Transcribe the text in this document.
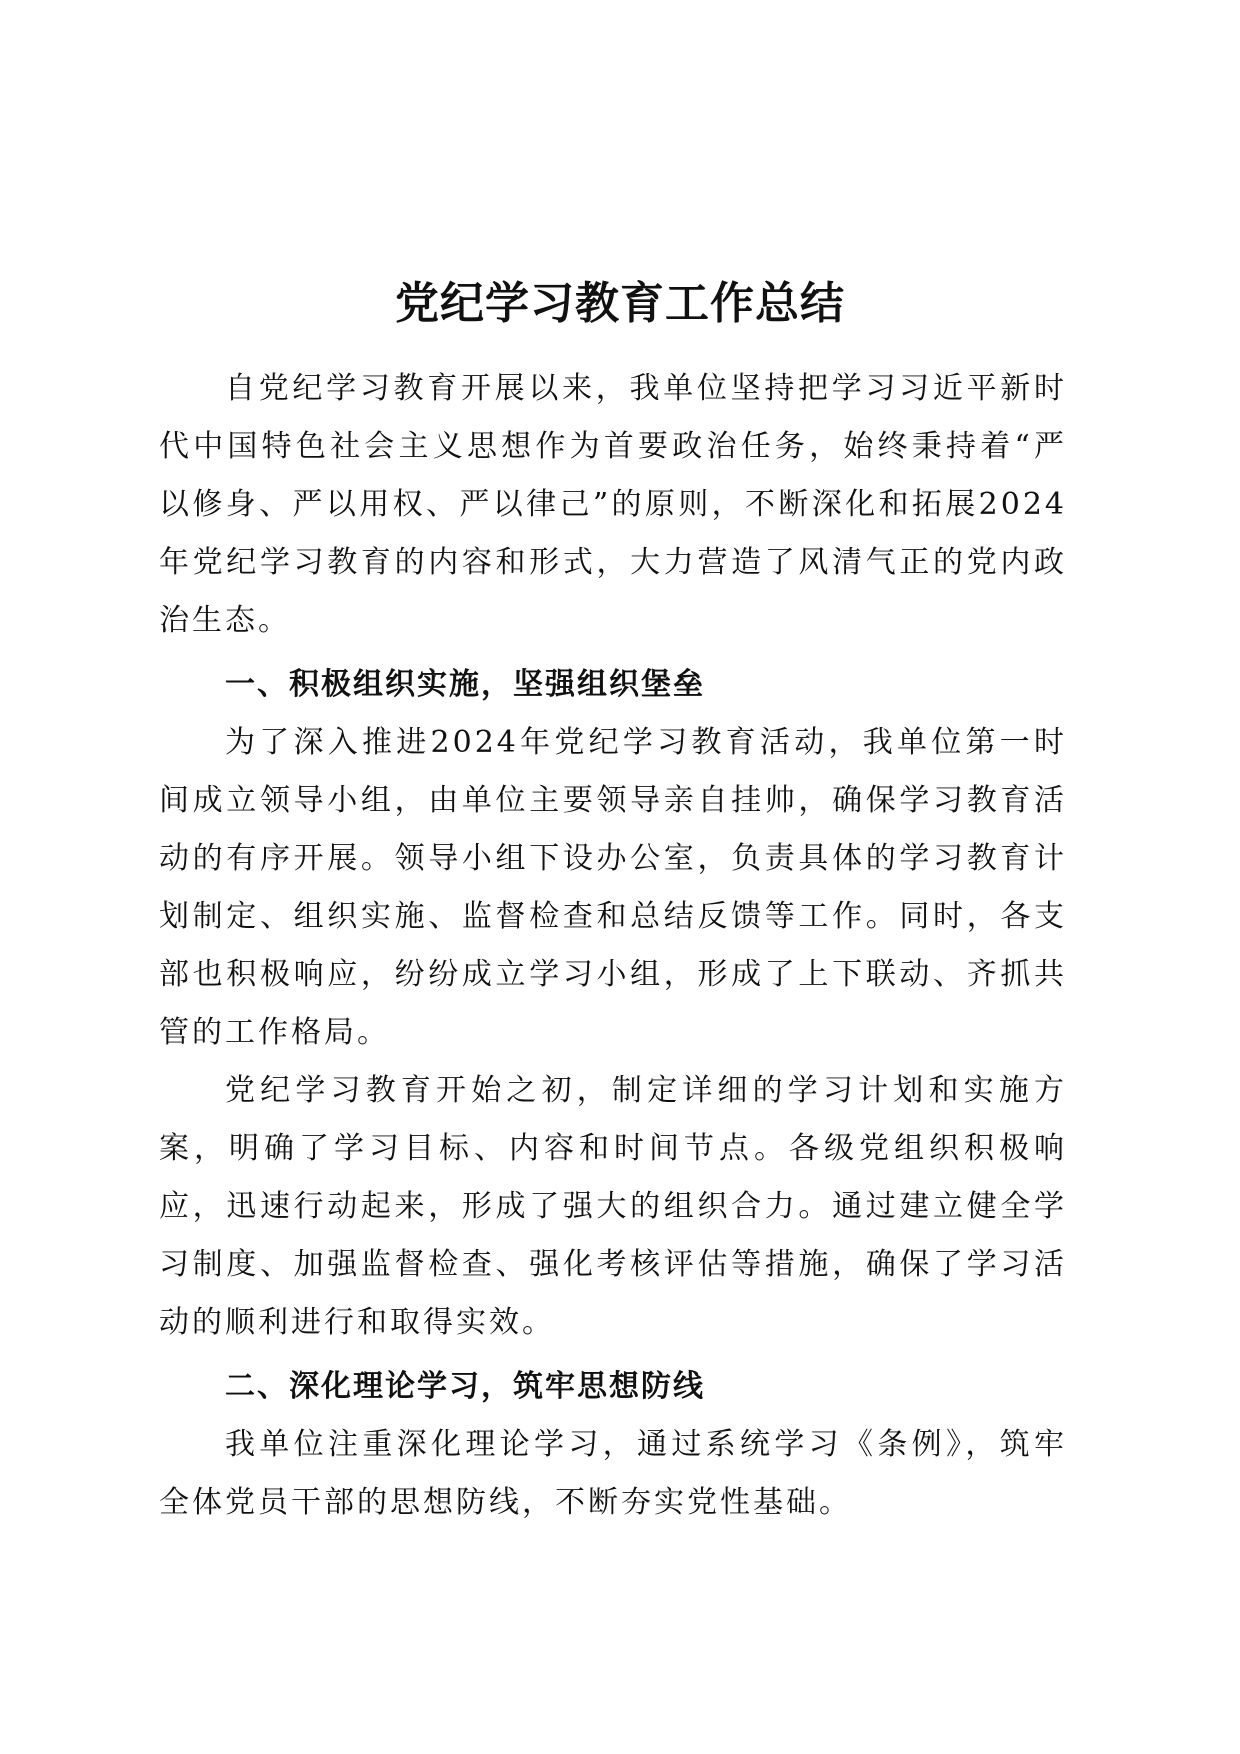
党纪学习教育工作总结

自党纪学习教育开展以来，我单位坚持把学习习近平新时代中国特色社会主义思想作为首要政治任务，始终秉持着“严以修身、严以用权、严以律己”的原则，不断深化和拓展2024年党纪学习教育的内容和形式，大力营造了风清气正的党内政治生态。

一、积极组织实施，坚强组织堡垒

为了深入推进2024年党纪学习教育活动，我单位第一时间成立领导小组，由单位主要领导亲自挂帅，确保学习教育活动的有序开展。领导小组下设办公室，负责具体的学习教育计划制定、组织实施、监督检查和总结反馈等工作。同时，各支部也积极响应，纷纷成立学习小组，形成了上下联动、齐抓共管的工作格局。

党纪学习教育开始之初，制定详细的学习计划和实施方案，明确了学习目标、内容和时间节点。各级党组织积极响应，迅速行动起来，形成了强大的组织合力。通过建立健全学习制度、加强监督检查、强化考核评估等措施，确保了学习活动的顺利进行和取得实效。

二、深化理论学习，筑牢思想防线

我单位注重深化理论学习，通过系统学习《条例》，筑牢全体党员干部的思想防线，不断夯实党性基础。
